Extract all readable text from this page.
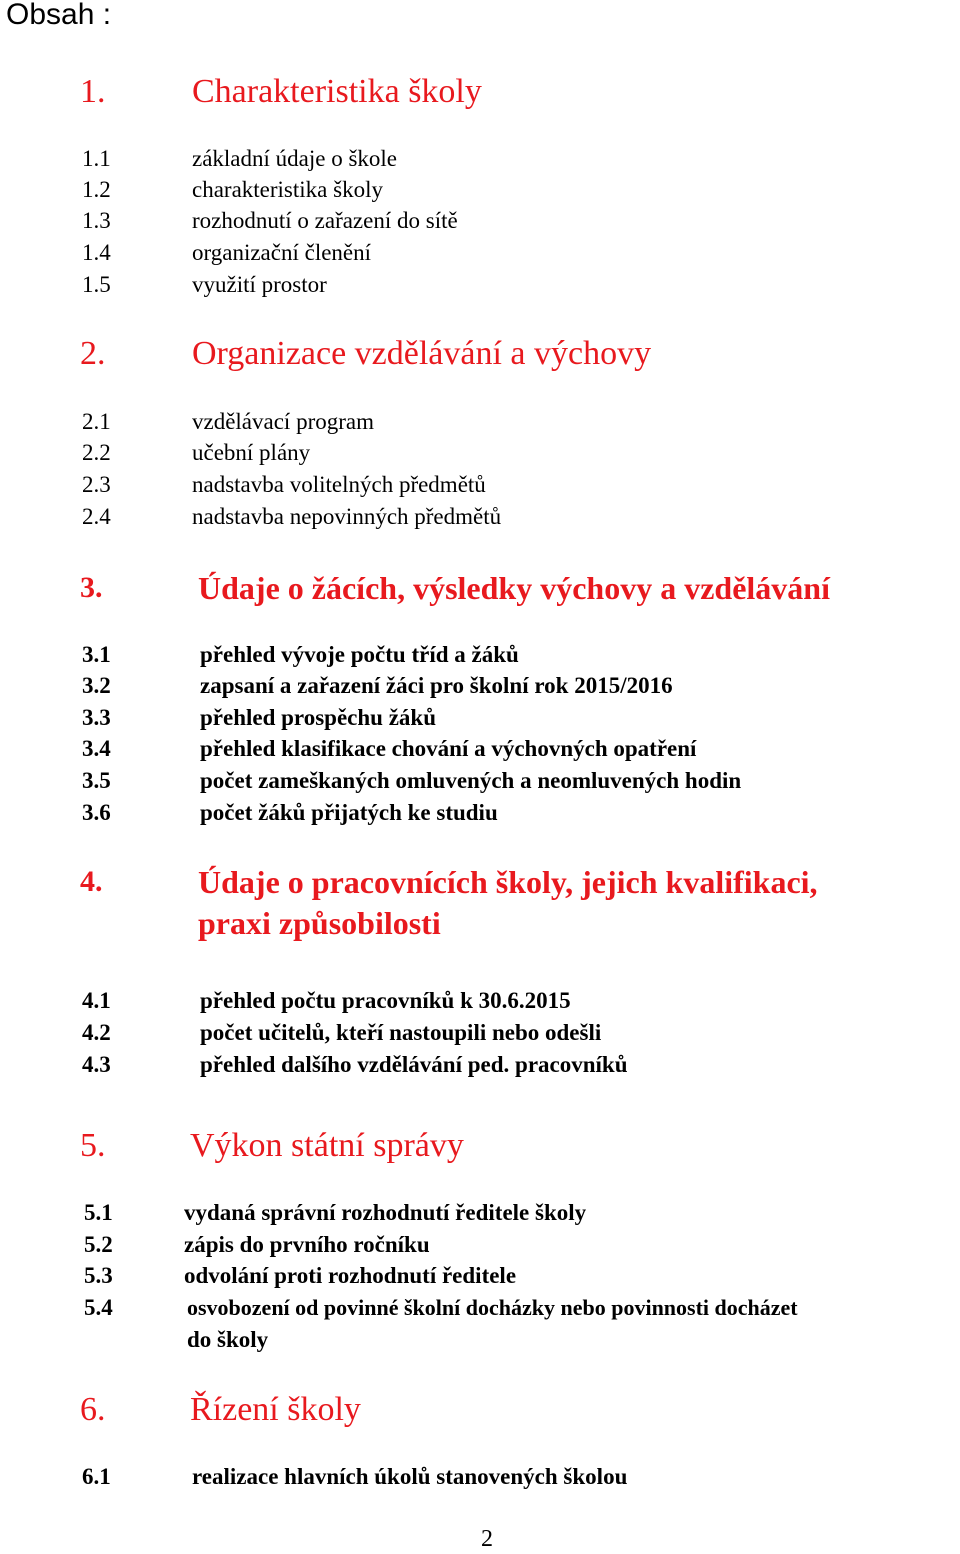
Obsah :
1.	Charakteristika školy
1.1	základní údaje o škole
1.2	charakteristika školy
1.3	rozhodnutí o zařazení do sítě
1.4	organizační členění
1.5	využití prostor
2.	Organizace vzdělávání a výchovy
2.1	vzdělávací program
2.2	učební plány
2.3	nadstavba volitelných předmětů
2.4	nadstavba nepovinných předmětů
3.	Údaje o žácích, výsledky výchovy a vzdělávání
3.1	přehled vývoje počtu tříd a žáků
3.2	zapsaní a zařazení žáci pro školní rok 2015/2016
3.3	přehled prospěchu žáků
3.4	přehled klasifikace chování a výchovných opatření
3.5	počet zameškaných omluvených a neomluvených hodin
3.6	počet žáků přijatých ke studiu
4.	Údaje o pracovnících školy, jejich kvalifikaci,
praxi způsobilosti
4.1	přehled počtu pracovníků k 30.6.2015
4.2	počet učitelů, kteří nastoupili nebo odešli
4.3	přehled dalšího vzdělávání ped. pracovníků
5. Výkon státní správy
5.1	vydaná správní rozhodnutí ředitele školy
5.2	zápis do prvního ročníku
5.3	odvolání proti rozhodnutí ředitele
5.4	osvobození od povinné školní docházky nebo povinnosti docházet
do školy
6. Řízení školy
6.1	realizace hlavních úkolů stanovených školou
2
